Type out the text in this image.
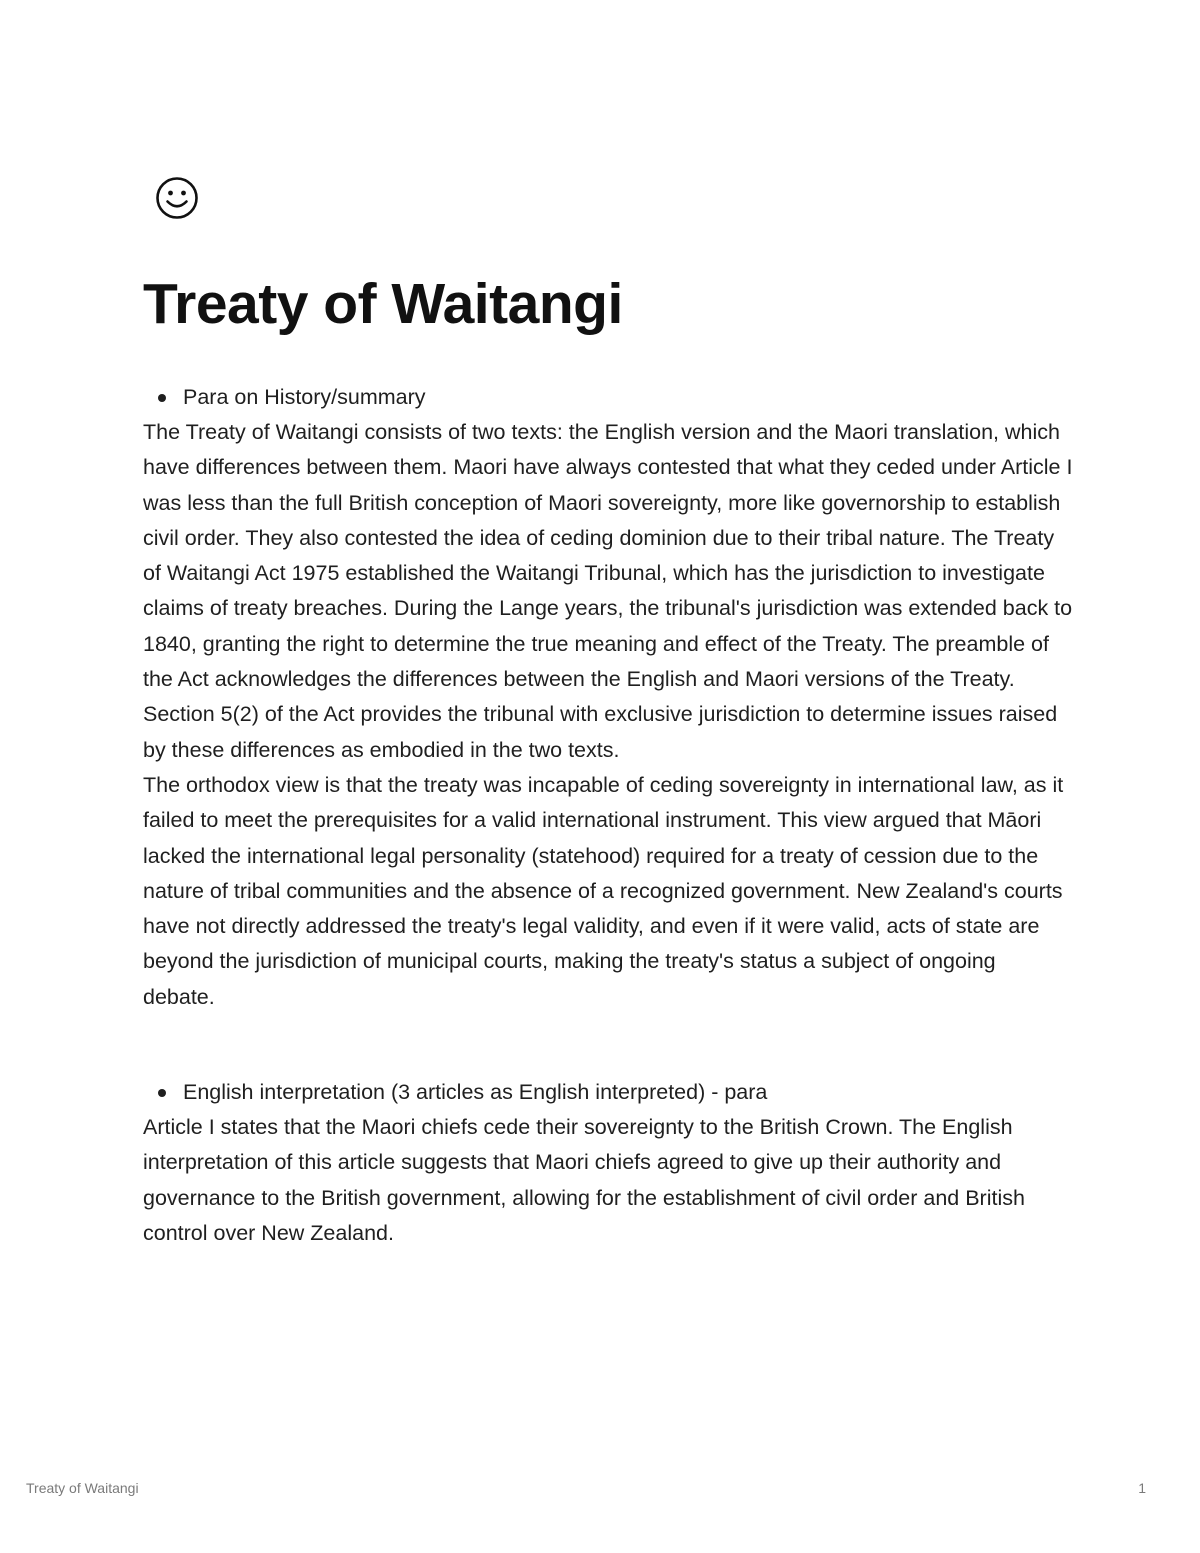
Treaty of Waitangi
Para on History/summary

The Treaty of Waitangi consists of two texts: the English version and the Maori translation, which have differences between them. Maori have always contested that what they ceded under Article I was less than the full British conception of Maori sovereignty, more like governorship to establish civil order. They also contested the idea of ceding dominion due to their tribal nature. The Treaty of Waitangi Act 1975 established the Waitangi Tribunal, which has the jurisdiction to investigate claims of treaty breaches. During the Lange years, the tribunal's jurisdiction was extended back to 1840, granting the right to determine the true meaning and effect of the Treaty. The preamble of the Act acknowledges the differences between the English and Maori versions of the Treaty. Section 5(2) of the Act provides the tribunal with exclusive jurisdiction to determine issues raised by these differences as embodied in the two texts.

The orthodox view is that the treaty was incapable of ceding sovereignty in international law, as it failed to meet the prerequisites for a valid international instrument. This view argued that Māori lacked the international legal personality (statehood) required for a treaty of cession due to the nature of tribal communities and the absence of a recognized government. New Zealand's courts have not directly addressed the treaty's legal validity, and even if it were valid, acts of state are beyond the jurisdiction of municipal courts, making the treaty's status a subject of ongoing debate.

English interpretation (3 articles as English interpreted) - para

Article I states that the Maori chiefs cede their sovereignty to the British Crown. The English interpretation of this article suggests that Maori chiefs agreed to give up their authority and governance to the British government, allowing for the establishment of civil order and British control over New Zealand.

Treaty of Waitangi	1
